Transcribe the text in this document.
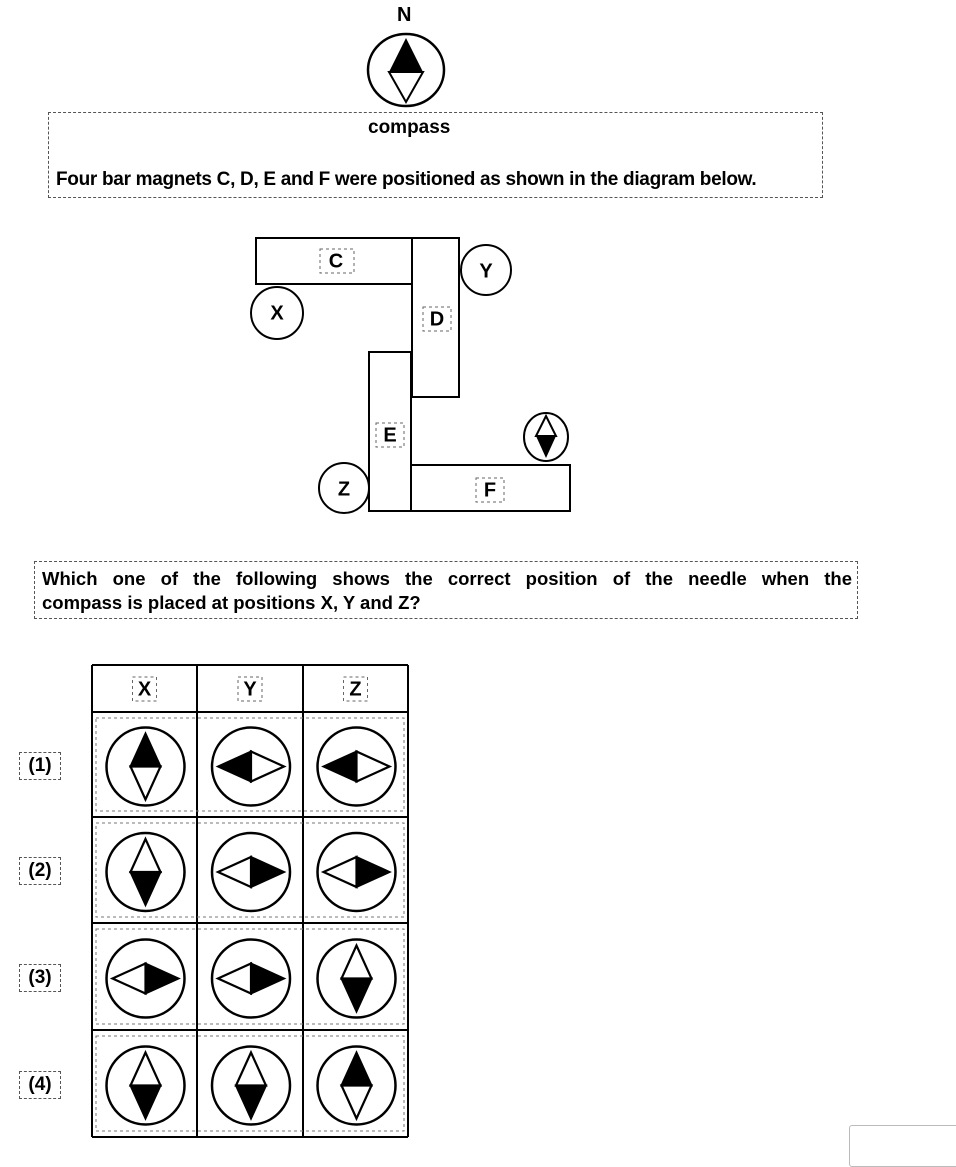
N
compass
Four bar magnets C, D, E and F were positioned as shown in the diagram below.
C
D
E
F
X
Y
Z
Which one of the following shows the correct position of the needle when the
compass is placed at positions X, Y and Z?
X	Y	Z
(1)
(2)
(3)
(4)
